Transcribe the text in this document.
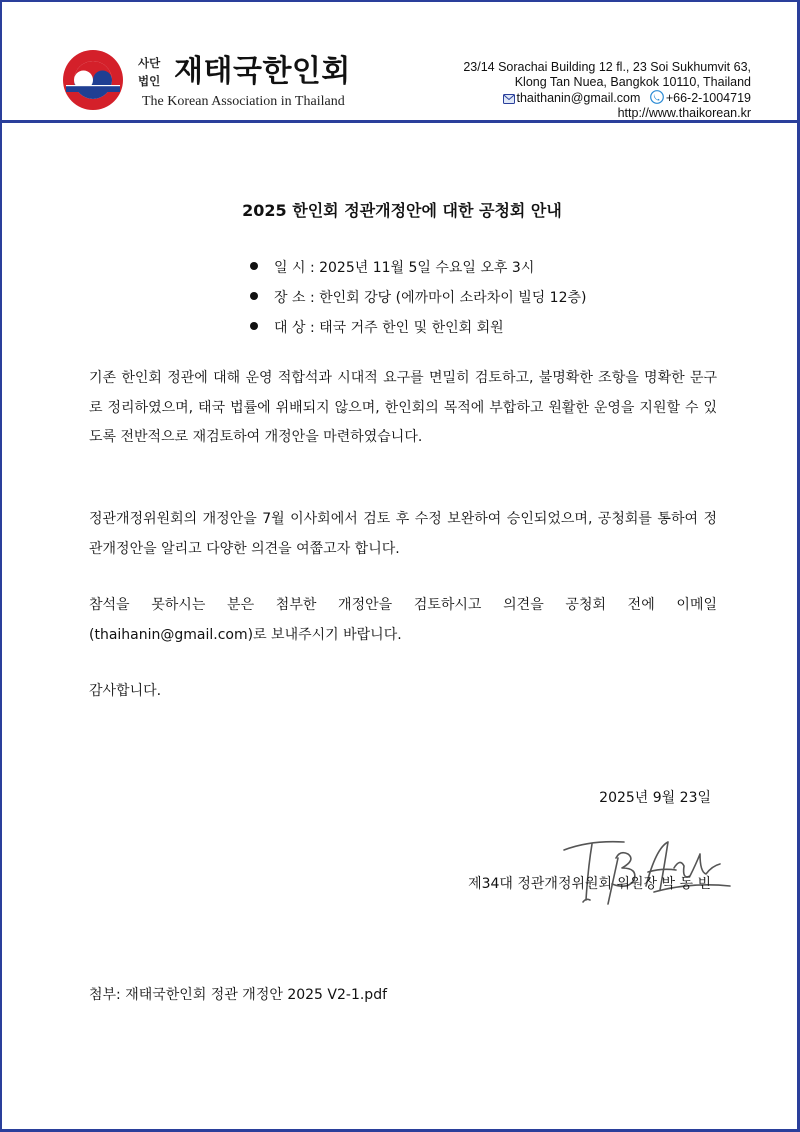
사단
법인 재태국한인회
The Korean Association in Thailand
23/14 Sorachai Building 12 fl., 23 Soi Sukhumvit 63,
Klong Tan Nuea, Bangkok 10110, Thailand
thaithanin@gmail.com +66-2-1004719
http://www.thaikorean.kr
2025 한인회 정관개정안에 대한 공청회 안내
일 시 : 2025년 11월 5일 수요일 오후 3시
장 소 : 한인회 강당 (에까마이 소라차이 빌딩 12층)
대 상 : 태국 거주 한인 및 한인회 회원

기존 한인회 정관에 대해 운영 적합석과 시대적 요구를 면밀히 검토하고, 불명확한 조항을 명확한 문구로 정리하였으며, 태국 법률에 위배되지 않으며, 한인회의 목적에 부합하고 원활한 운영을 지원할 수 있도록 전반적으로 재검토하여 개정안을 마련하였습니다.

정관개정위원회의 개정안을 7월 이사회에서 검토 후 수정 보완하여 승인되었으며, 공청회를 통하여 정관개정안을 알리고 다양한 의견을 여쭙고자 합니다.

참석을 못하시는 분은 첨부한 개정안을 검토하시고 의견을 공청회 전에 이메일 (thaihanin@gmail.com)로 보내주시기 바랍니다.

감사합니다.

2025년 9월 23일
제34대 정관개정위원회 위원장 박 동 빈
첨부: 재태국한인회 정관 개정안 2025 V2-1.pdf
